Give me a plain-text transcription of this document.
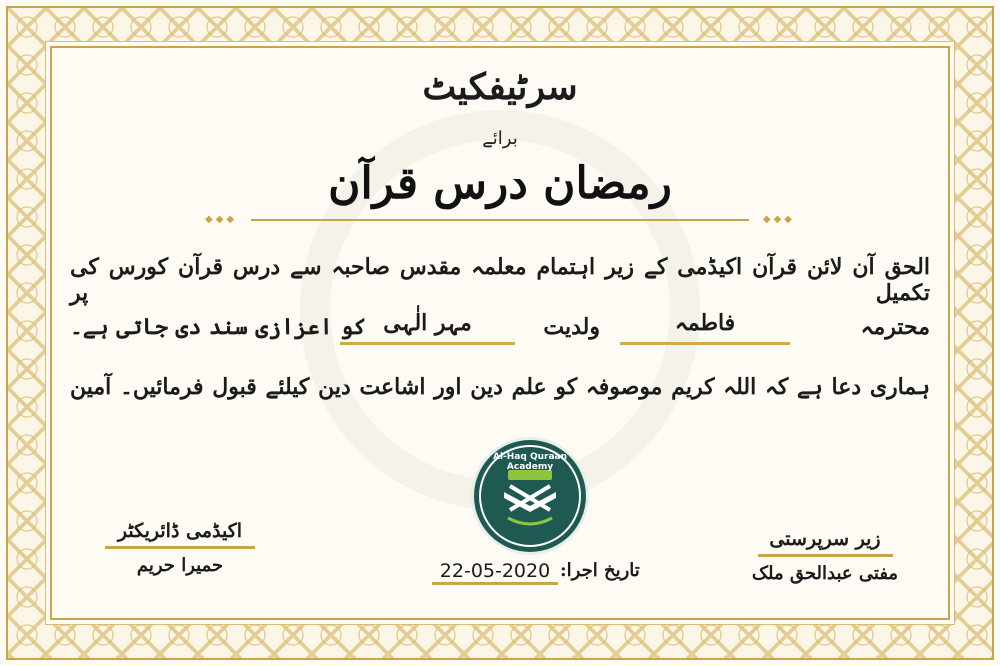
سرٹیفکیٹ
برائے
رمضان درس قرآن
◆◆◆	◆◆◆
الحق آن لائن قرآن اکیڈمی کے زیر اہتمام معلمہ مقدس صاحبہ سے درس قرآن کورس کی تکمیل پر
محترمہ
فاطمہ
ولدیت
مہر الٰہی
کو اعزازی سند دی جاتی ہے۔
ہماری دعا ہے کہ اللہ کریم موصوفہ کو علم دین اور اشاعت دین کیلئے قبول فرمائیں۔ آمین
Al-Haq Quraan Academy
اکیڈمی ڈائریکٹر
حمیرا حریم
زیر سرپرستی
مفتی عبدالحق ملک
22-05-2020 تاریخ اجرا:
